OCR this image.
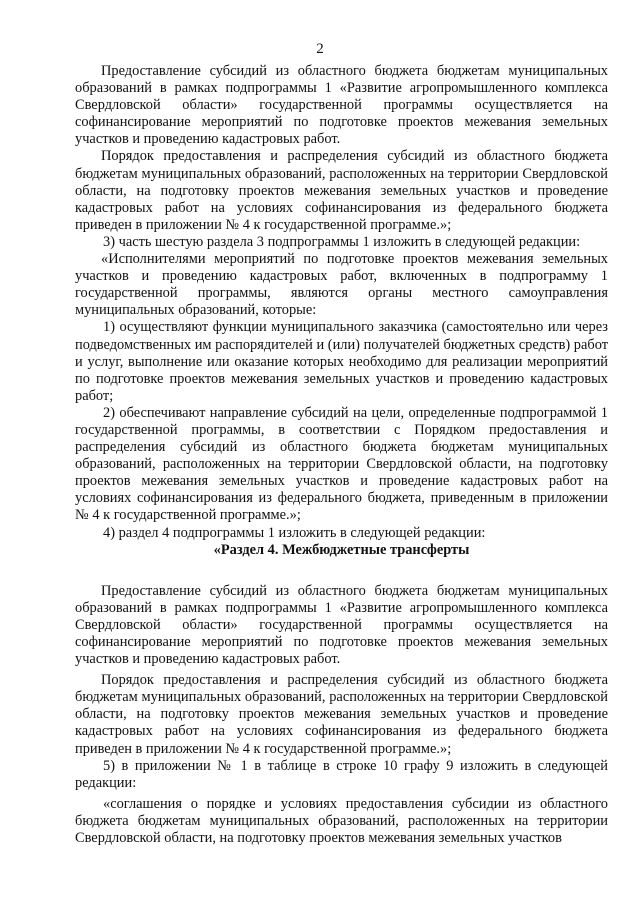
2

Предоставление субсидий из областного бюджета бюджетам муниципальных образований в рамках подпрограммы 1 «Развитие агропромышленного комплекса Свердловской области» государственной программы осуществляется на софинансирование мероприятий по подготовке проектов межевания земельных участков и проведению кадастровых работ.

Порядок предоставления и распределения субсидий из областного бюджета бюджетам муниципальных образований, расположенных на территории Свердловской области, на подготовку проектов межевания земельных участков и проведение кадастровых работ на условиях софинансирования из федерального бюджета приведен в приложении № 4 к государственной программе.»;

3) часть шестую раздела 3 подпрограммы 1 изложить в следующей редакции:

«Исполнителями мероприятий по подготовке проектов межевания земельных участков и проведению кадастровых работ, включенных в подпрограмму 1 государственной программы, являются органы местного самоуправления муниципальных образований, которые:

1) осуществляют функции муниципального заказчика (самостоятельно или через подведомственных им распорядителей и (или) получателей бюджетных средств) работ и услуг, выполнение или оказание которых необходимо для реализации мероприятий по подготовке проектов межевания земельных участков и проведению кадастровых работ;

2) обеспечивают направление субсидий на цели, определенные подпрограммой 1 государственной программы, в соответствии с Порядком предоставления и распределения субсидий из областного бюджета бюджетам муниципальных образований, расположенных на территории Свердловской области, на подготовку проектов межевания земельных участков и проведение кадастровых работ на условиях софинансирования из федерального бюджета, приведенным в приложении № 4 к государственной программе.»;

4) раздел 4 подпрограммы 1 изложить в следующей редакции:

«Раздел 4. Межбюджетные трансферты

Предоставление субсидий из областного бюджета бюджетам муниципальных образований в рамках подпрограммы 1 «Развитие агропромышленного комплекса Свердловской области» государственной программы осуществляется на софинансирование мероприятий по подготовке проектов межевания земельных участков и проведению кадастровых работ.

Порядок предоставления и распределения субсидий из областного бюджета бюджетам муниципальных образований, расположенных на территории Свердловской области, на подготовку проектов межевания земельных участков и проведение кадастровых работ на условиях софинансирования из федерального бюджета приведен в приложении № 4 к государственной программе.»;

5) в приложении № 1 в таблице в строке 10 графу 9 изложить в следующей редакции:

«соглашения о порядке и условиях предоставления субсидии из областного бюджета бюджетам муниципальных образований, расположенных на территории Свердловской области, на подготовку проектов межевания земельных участков
